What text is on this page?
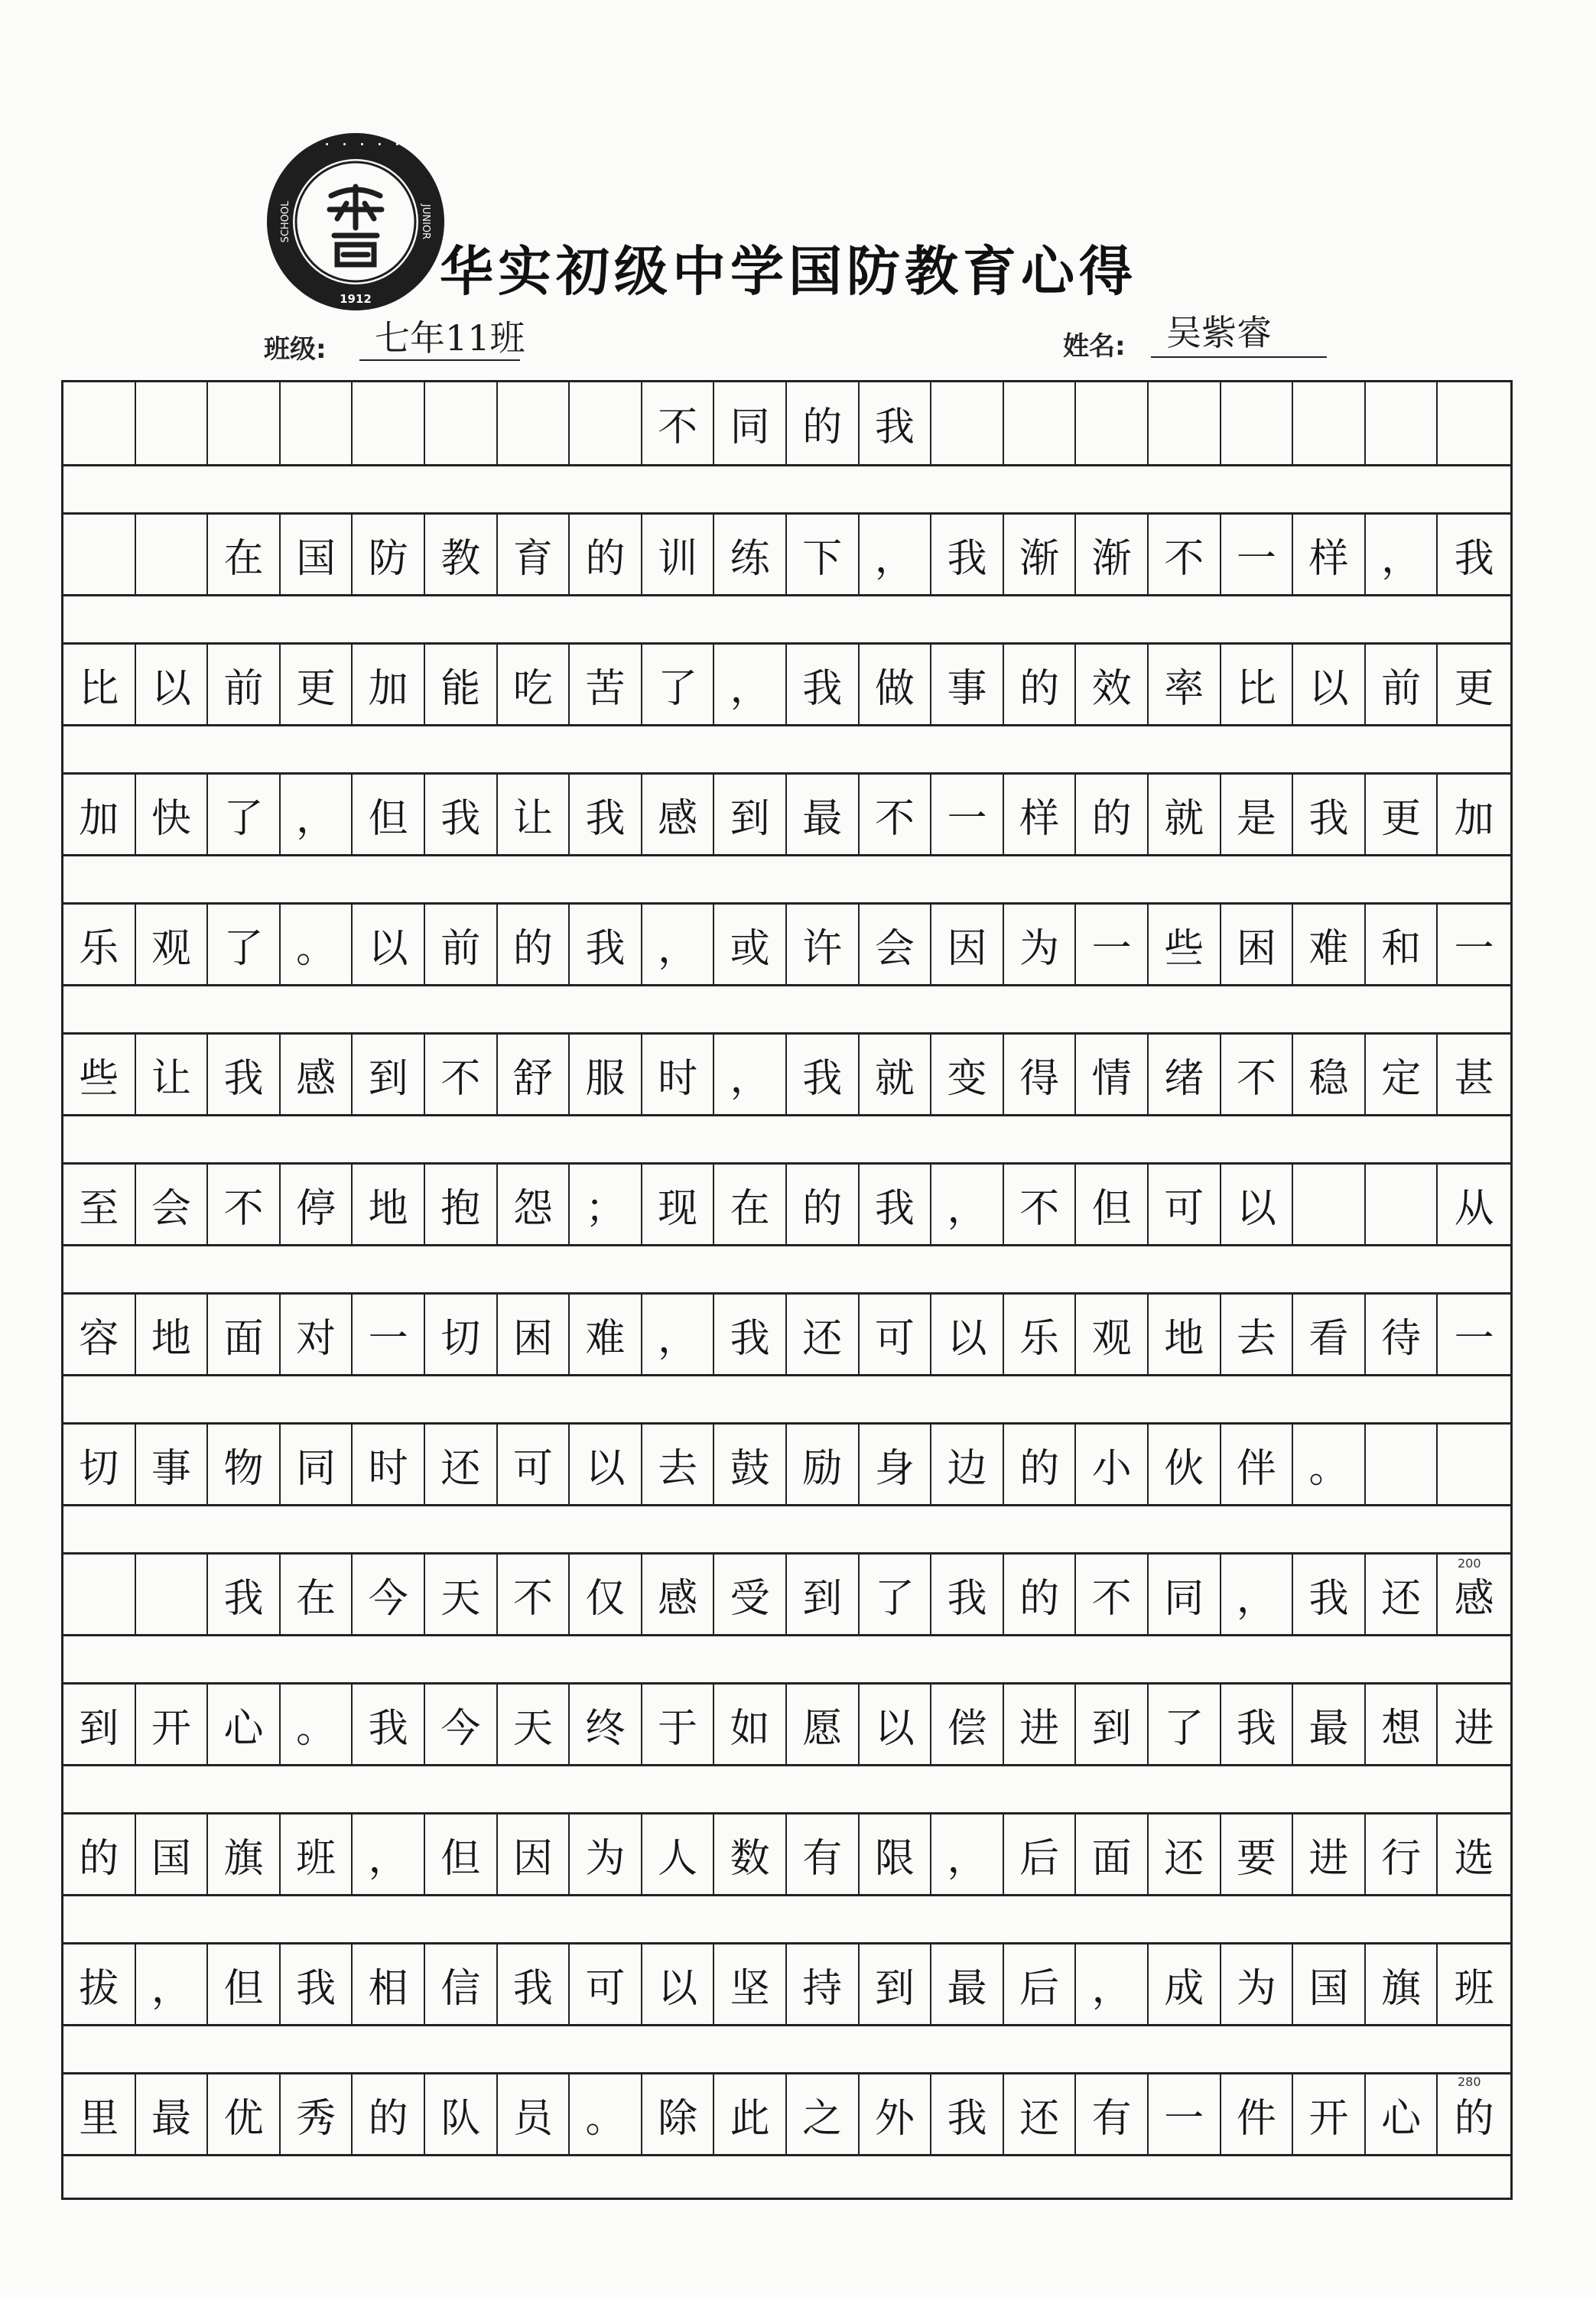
· · · · · ·
1912
SCHOOL	JUNIOR
华实初级中学国防教育心得
班级: 七年11班	姓名: 吴紫睿
不 同 的 我
在 国 防 教 育 的 训 练 下 ， 我 渐 渐 不 一 样 ， 我
比 以 前 更 加 能 吃 苦 了 ， 我 做 事 的 效 率 比 以 前 更
加 快 了 ， 但 我 让 我 感 到 最 不 一 样 的 就 是 我 更 加
乐 观 了 。 以 前 的 我 ， 或 许 会 因 为 一 些 困 难 和 一
些 让 我 感 到 不 舒 服 时 ， 我 就 变 得 情 绪 不 稳 定 甚
至 会 不 停 地 抱 怨 ； 现 在 的 我 ， 不 但 可 以	从
容 地 面 对 一 切 困 难 ， 我 还 可 以 乐 观 地 去 看 待 一
切 事 物 同 时 还 可 以 去 鼓 励 身 边 的 小 伙 伴 。
我 在 今 天 不 仅 感 受 到 了 我 的 不 同 ， 我 还 感
到 开 心 。 我 今 天 终 于 如 愿 以 偿 进 到 了 我 最 想 进
的 国 旗 班 ， 但 因 为 人 数 有 限 ， 后 面 还 要 进 行 选
拔 ， 但 我 相 信 我 可 以 坚 持 到 最 后 ， 成 为 国 旗 班
里 最 优 秀 的 队 员 。 除 此 之 外 我 还 有 一 件 开 心 的
200
280
